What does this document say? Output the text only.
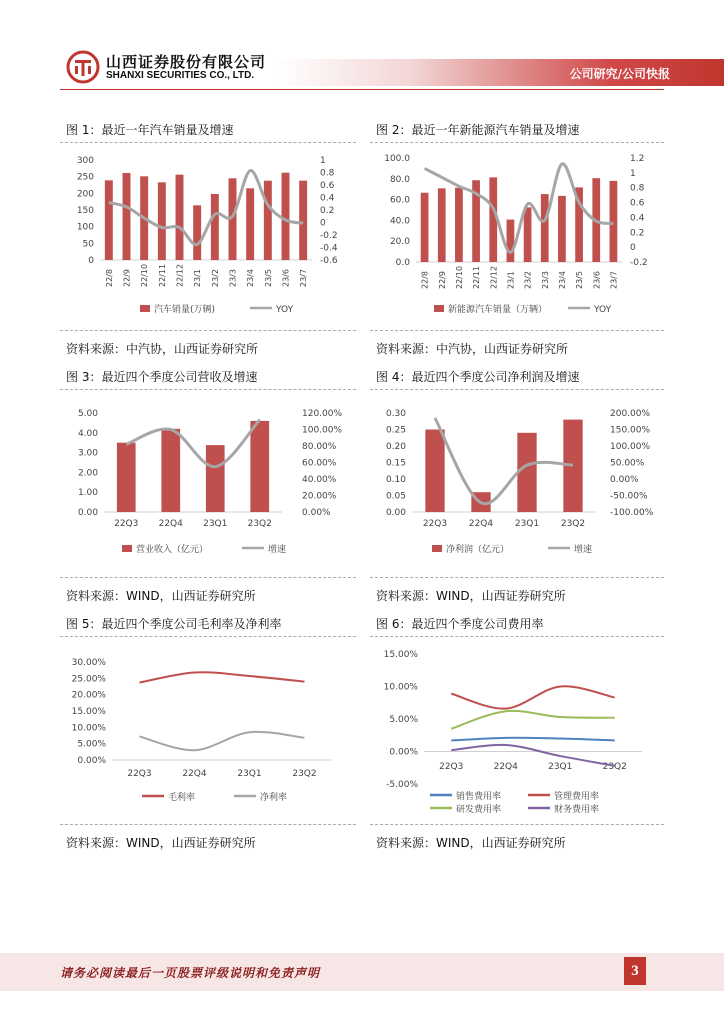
山西证券股份有限公司
SHANXI SECURITIES CO., LTD.	公司研究/公司快报
图 1：最近一年汽车销量及增速	图 2：最近一年新能源汽车销量及增速
图 3：最近四个季度公司营收及增速	图 4：最近四个季度公司净利润及增速
图 5：最近四个季度公司毛利率及净利率	图 6：最近四个季度公司费用率
300
250
200
150
100
50
0
1
0.8
0.6
0.4
0.2
0
-0.2
-0.4
-0.6
22/8 22/9 22/10 22/11 22/12 23/1 23/2 23/3 23/4 23/5 23/6 23/7
汽车销量(万辆)	YOY
100.0
80.0
60.0
40.0
20.0
0.0
1.2
1
0.8
0.6
0.4
0.2
0
-0.2
22/8 22/9 22/10 22/11 22/12 23/1 23/2 23/3 23/4 23/5 23/6 23/7
新能源汽车销量（万辆）	YOY
5.00
4.00
3.00
2.00
1.00
0.00
120.00%
100.00%
80.00%
60.00%
40.00%
20.00%
0.00%
22Q3 22Q4 23Q1 23Q2
营业收入（亿元）	增速
0.30
0.25
0.20
0.15
0.10
0.05
0.00
200.00%
150.00%
100.00%
50.00%
0.00%
-50.00%
-100.00%
22Q3 22Q4 23Q1 23Q2
净利润（亿元）	增速
30.00%
25.00%
20.00%
15.00%
10.00%
5.00%
0.00%
22Q3	22Q4	23Q1	23Q2
毛利率	净利率
15.00%
10.00%
5.00%
0.00%
-5.00%
22Q3	22Q4	23Q1	23Q2
销售费用率	管理费用率
研发费用率	财务费用率
资料来源：中汽协，山西证券研究所	资料来源：中汽协，山西证券研究所
资料来源：WIND，山西证券研究所	资料来源：WIND，山西证券研究所
资料来源：WIND，山西证券研究所	资料来源：WIND，山西证券研究所
请务必阅读最后一页股票评级说明和免责声明	3
